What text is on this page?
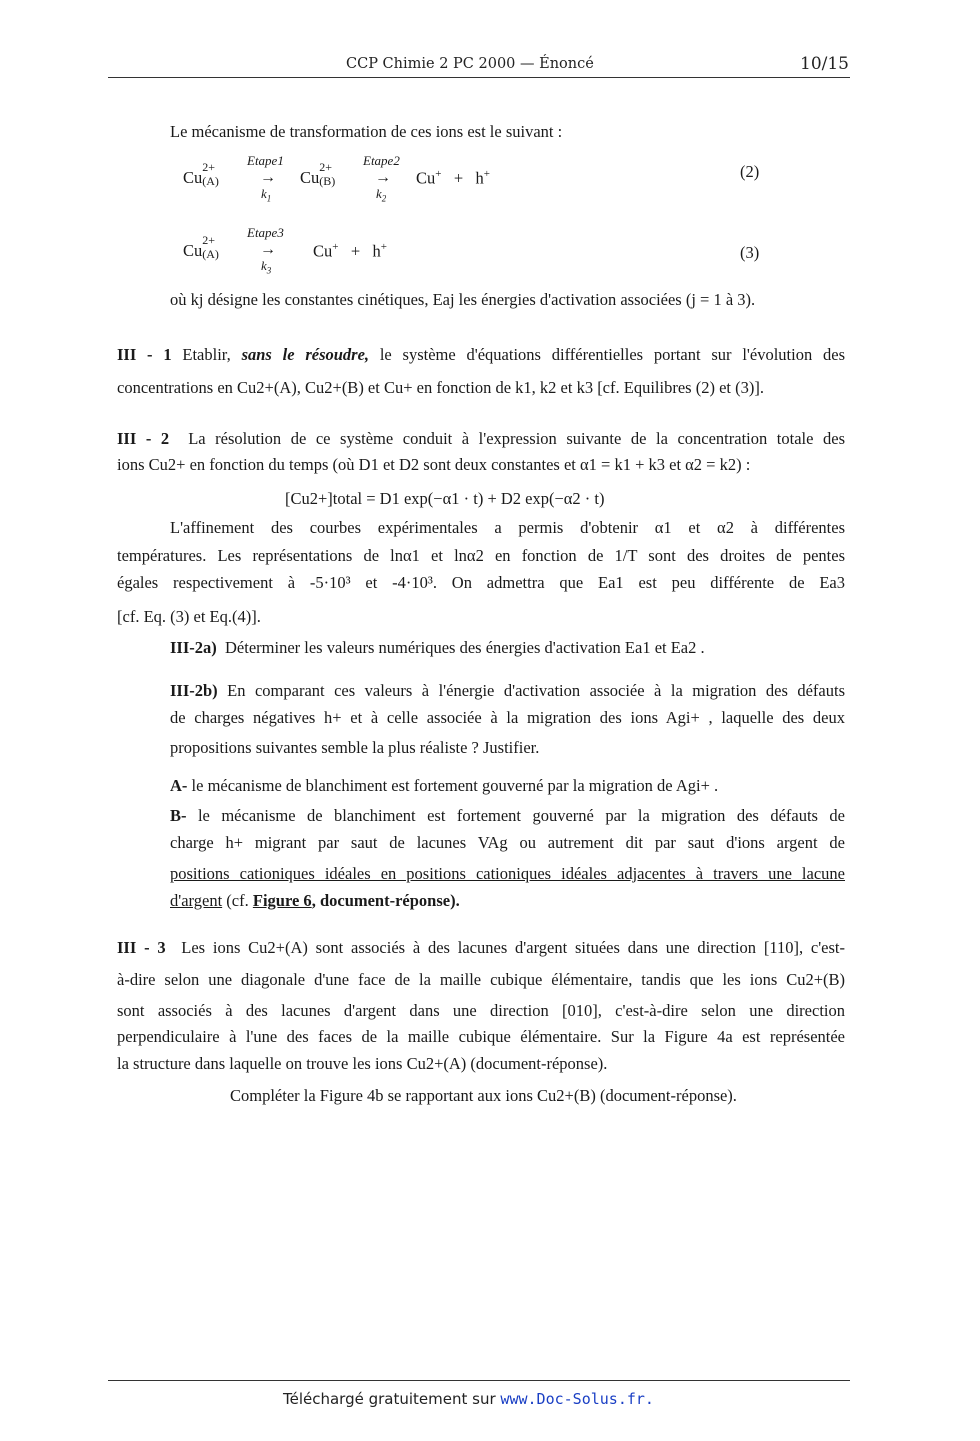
CCP Chimie 2 PC 2000 — Énoncé	10/15
Le mécanisme de transformation de ces ions est le suivant :
Cu
2+
(A)
Etape1
→
$k_1$
Cu
2+
(B)
Etape2
→
$k_2$
Cu+   +   h+	(2)
Cu
2+
(A)
Etape3
→
$k_3$
Cu+   +   h+	(3)
où kj désigne les constantes cinétiques, Eaj les énergies d'activation associées (j = 1 à 3).
III - 1 Etablir, sans le résoudre, le système d'équations différentielles portant sur l'évolution des
concentrations en Cu2+(A), Cu2+(B) et Cu+ en fonction de k1, k2 et k3 [cf. Equilibres (2) et (3)].
III - 2 La résolution de ce système conduit à l'expression suivante de la concentration totale des
ions Cu2+ en fonction du temps (où D1 et D2 sont deux constantes et α1 = k1 + k3 et α2 = k2) :
[Cu2+]total = D1 exp(−α1 · t) + D2 exp(−α2 · t)
L'affinement des courbes expérimentales a permis d'obtenir α1 et α2 à différentes
températures. Les représentations de lnα1 et lnα2 en fonction de 1/T sont des droites de pentes
égales respectivement à -5·10³ et -4·10³. On admettra que Ea1 est peu différente de Ea3
[cf. Eq. (3) et Eq.(4)].
III-2a) Déterminer les valeurs numériques des énergies d'activation Ea1 et Ea2 .
III-2b) En comparant ces valeurs à l'énergie d'activation associée à la migration des défauts
de charges négatives h+ et à celle associée à la migration des ions Agi+ , laquelle des deux
propositions suivantes semble la plus réaliste ? Justifier.
A- le mécanisme de blanchiment est fortement gouverné par la migration de Agi+ .
B- le mécanisme de blanchiment est fortement gouverné par la migration des défauts de
charge h+ migrant par saut de lacunes VAg ou autrement dit par saut d'ions argent de
positions cationiques idéales en positions cationiques idéales adjacentes à travers une lacune
d'argent (cf. Figure 6, document-réponse).
III - 3 Les ions Cu2+(A) sont associés à des lacunes d'argent situées dans une direction [110], c'est-
à-dire selon une diagonale d'une face de la maille cubique élémentaire, tandis que les ions Cu2+(B)
sont associés à des lacunes d'argent dans une direction [010], c'est-à-dire selon une direction
perpendiculaire à l'une des faces de la maille cubique élémentaire. Sur la Figure 4a est représentée
la structure dans laquelle on trouve les ions Cu2+(A) (document-réponse).
Compléter la Figure 4b se rapportant aux ions Cu2+(B) (document-réponse).
Téléchargé gratuitement sur www.Doc-Solus.fr.
